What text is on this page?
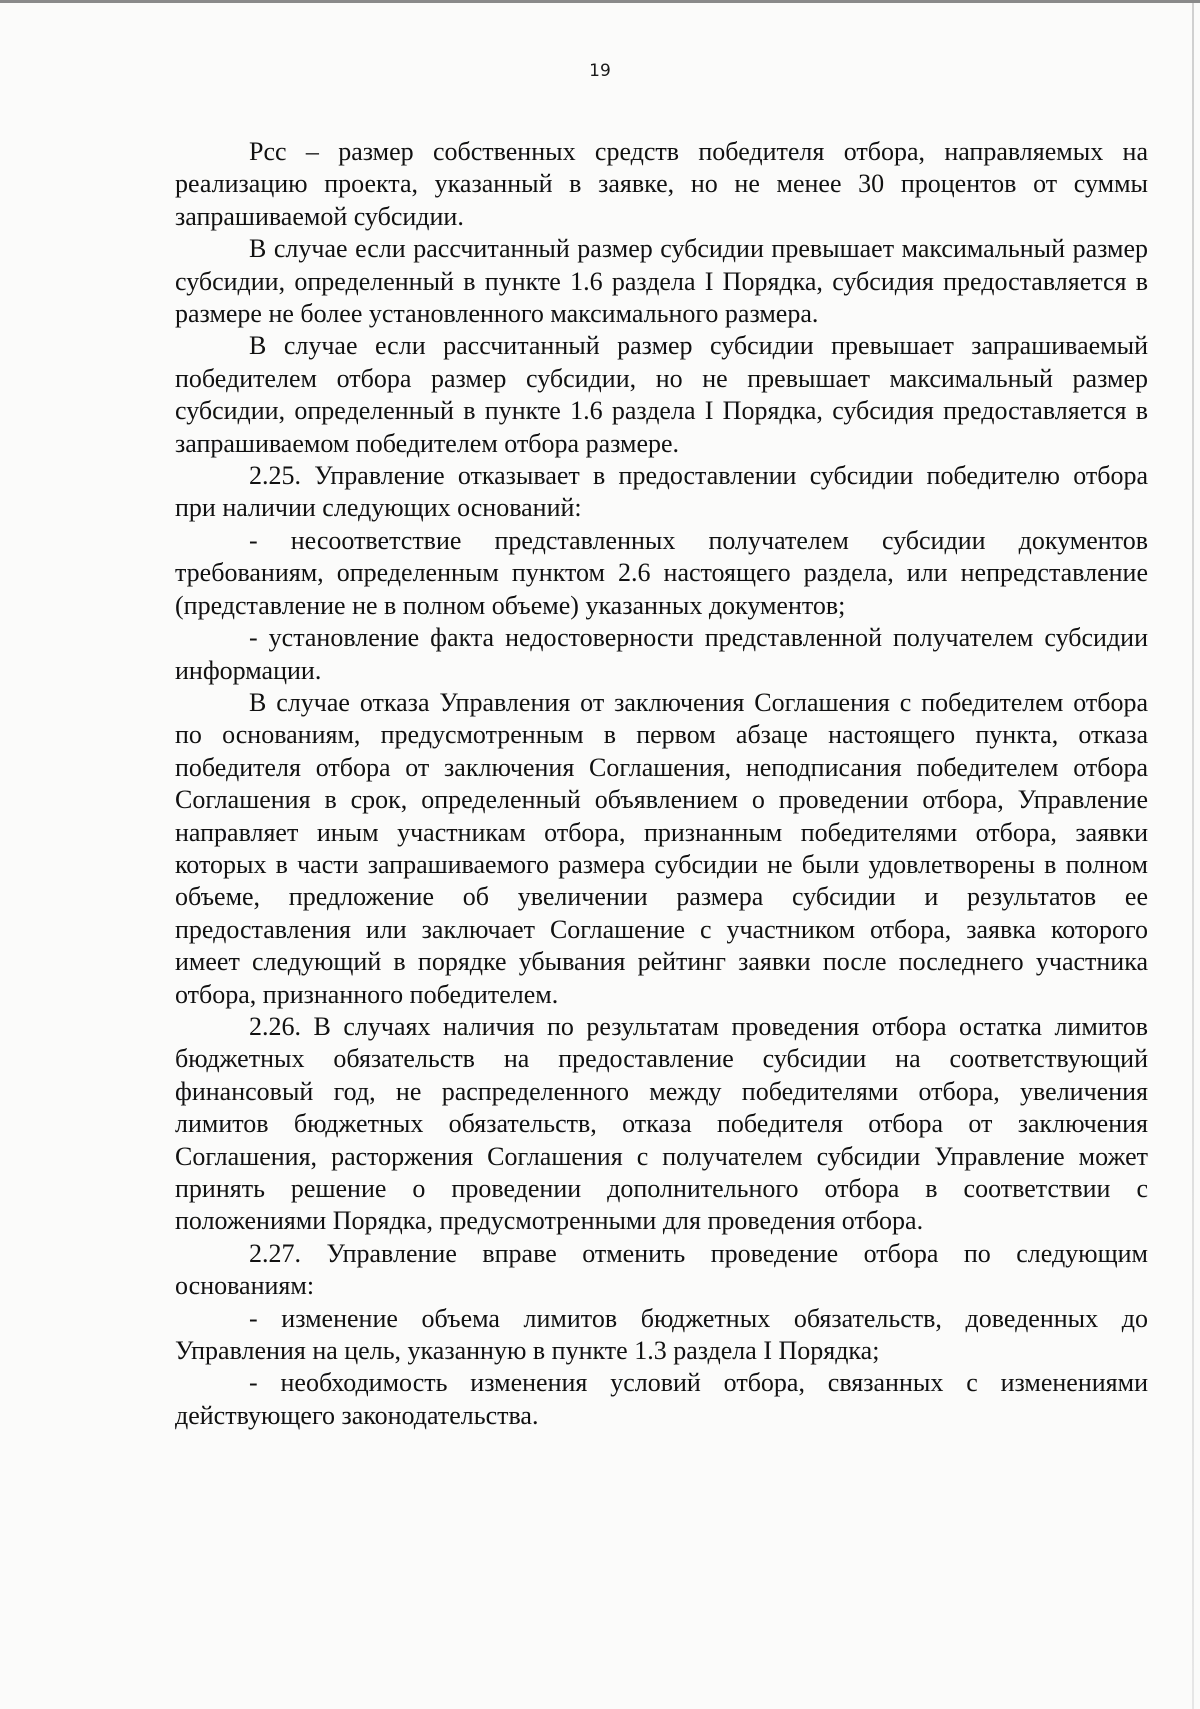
19

Рсс – размер собственных средств победителя отбора, направляемых на реализацию проекта, указанный в заявке, но не менее 30 процентов от суммы запрашиваемой субсидии.

В случае если рассчитанный размер субсидии превышает максимальный размер субсидии, определенный в пункте 1.6 раздела I Порядка, субсидия предоставляется в размере не более установленного максимального размера.

В случае если рассчитанный размер субсидии превышает запрашиваемый победителем отбора размер субсидии, но не превышает максимальный размер субсидии, определенный в пункте 1.6 раздела I Порядка, субсидия предоставляется в запрашиваемом победителем отбора размере.

2.25. Управление отказывает в предоставлении субсидии победителю отбора при наличии следующих оснований:

- несоответствие представленных получателем субсидии документов требованиям, определенным пунктом 2.6 настоящего раздела, или непредставление (представление не в полном объеме) указанных документов;

- установление факта недостоверности представленной получателем субсидии информации.

В случае отказа Управления от заключения Соглашения с победителем отбора по основаниям, предусмотренным в первом абзаце настоящего пункта, отказа победителя отбора от заключения Соглашения, неподписания победителем отбора Соглашения в срок, определенный объявлением о проведении отбора, Управление направляет иным участникам отбора, признанным победителями отбора, заявки которых в части запрашиваемого размера субсидии не были удовлетворены в полном объеме, предложение об увеличении размера субсидии и результатов ее предоставления или заключает Соглашение с участником отбора, заявка которого имеет следующий в порядке убывания рейтинг заявки после последнего участника отбора, признанного победителем.

2.26. В случаях наличия по результатам проведения отбора остатка лимитов бюджетных обязательств на предоставление субсидии на соответствующий финансовый год, не распределенного между победителями отбора, увеличения лимитов бюджетных обязательств, отказа победителя отбора от заключения Соглашения, расторжения Соглашения с получателем субсидии Управление может принять решение о проведении дополнительного отбора в соответствии с положениями Порядка, предусмотренными для проведения отбора.

2.27. Управление вправе отменить проведение отбора по следующим основаниям:

- изменение объема лимитов бюджетных обязательств, доведенных до Управления на цель, указанную в пункте 1.3 раздела I Порядка;

- необходимость изменения условий отбора, связанных с изменениями действующего законодательства.
